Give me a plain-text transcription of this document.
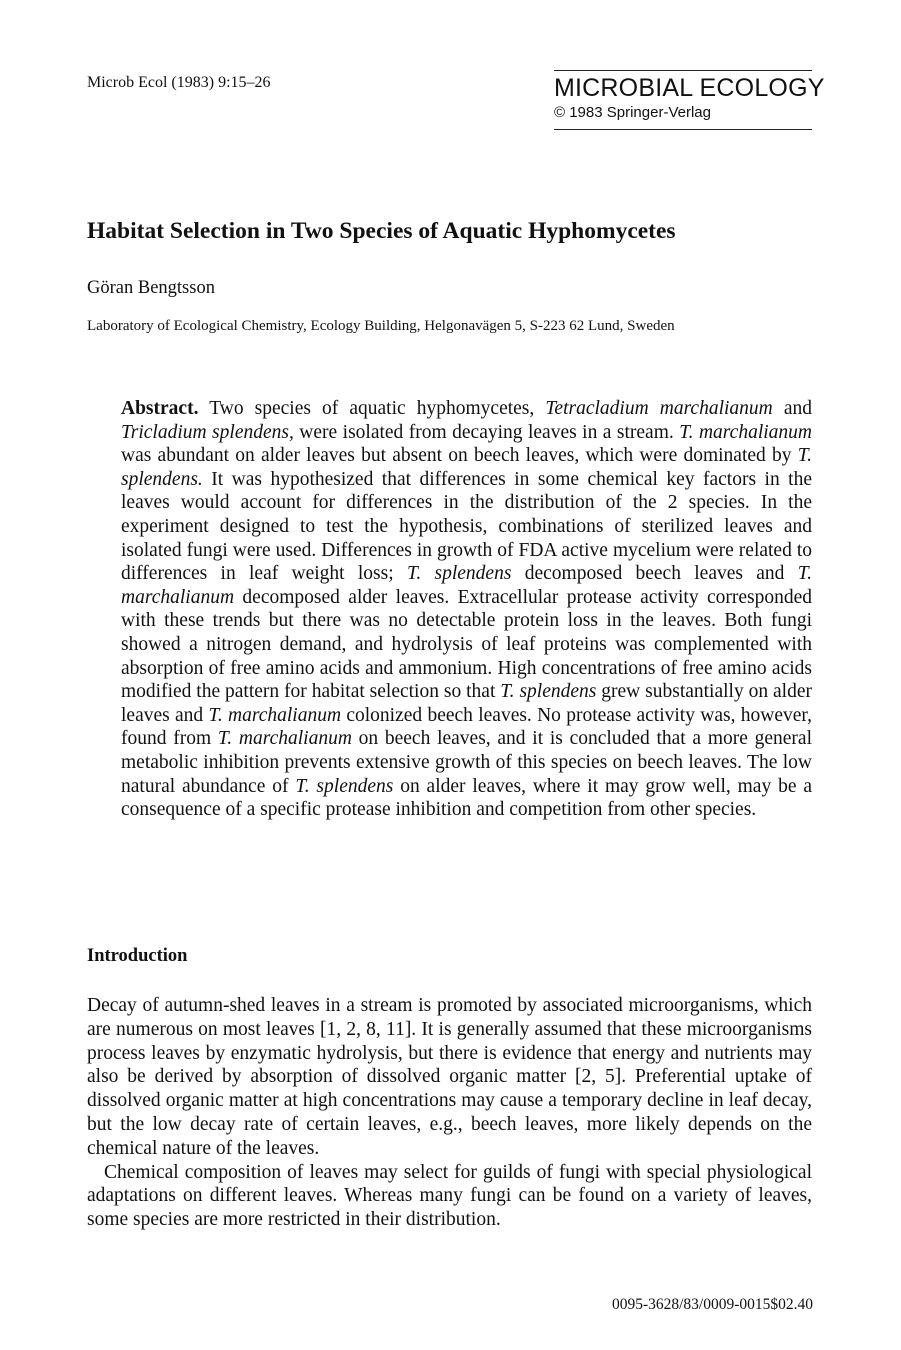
Microb Ecol (1983) 9:15–26	MICROBIAL ECOLOGY
© 1983 Springer-Verlag
Habitat Selection in Two Species of Aquatic Hyphomycetes
Göran Bengtsson
Laboratory of Ecological Chemistry, Ecology Building, Helgonavägen 5, S-223 62 Lund, Sweden

Abstract. Two species of aquatic hyphomycetes, Tetracladium marchalianum and Tricladium splendens, were isolated from decaying leaves in a stream. T. marchalianum was abundant on alder leaves but absent on beech leaves, which were dominated by T. splendens. It was hypothesized that differences in some chemical key factors in the leaves would account for differences in the distribution of the 2 species. In the experiment designed to test the hypothesis, combinations of sterilized leaves and isolated fungi were used. Differences in growth of FDA active mycelium were related to differences in leaf weight loss; T. splendens decomposed beech leaves and T. marchalianum decomposed alder leaves. Extracellular protease activity corresponded with these trends but there was no detectable protein loss in the leaves. Both fungi showed a nitrogen demand, and hydrolysis of leaf proteins was complemented with absorption of free amino acids and ammonium. High concentrations of free amino acids modified the pattern for habitat selection so that T. splendens grew substantially on alder leaves and T. marchalianum colonized beech leaves. No protease activity was, however, found from T. marchalianum on beech leaves, and it is concluded that a more general metabolic inhibition prevents extensive growth of this species on beech leaves. The low natural abundance of T. splendens on alder leaves, where it may grow well, may be a consequence of a specific protease inhibition and competition from other species.

Introduction

Decay of autumn-shed leaves in a stream is promoted by associated microorganisms, which are numerous on most leaves [1, 2, 8, 11]. It is generally assumed that these microorganisms process leaves by enzymatic hydrolysis, but there is evidence that energy and nutrients may also be derived by absorption of dissolved organic matter [2, 5]. Preferential uptake of dissolved organic matter at high concentrations may cause a temporary decline in leaf decay, but the low decay rate of certain leaves, e.g., beech leaves, more likely depends on the chemical nature of the leaves.

Chemical composition of leaves may select for guilds of fungi with special physiological adaptations on different leaves. Whereas many fungi can be found on a variety of leaves, some species are more restricted in their distribution.

0095-3628/83/0009-0015$02.40
